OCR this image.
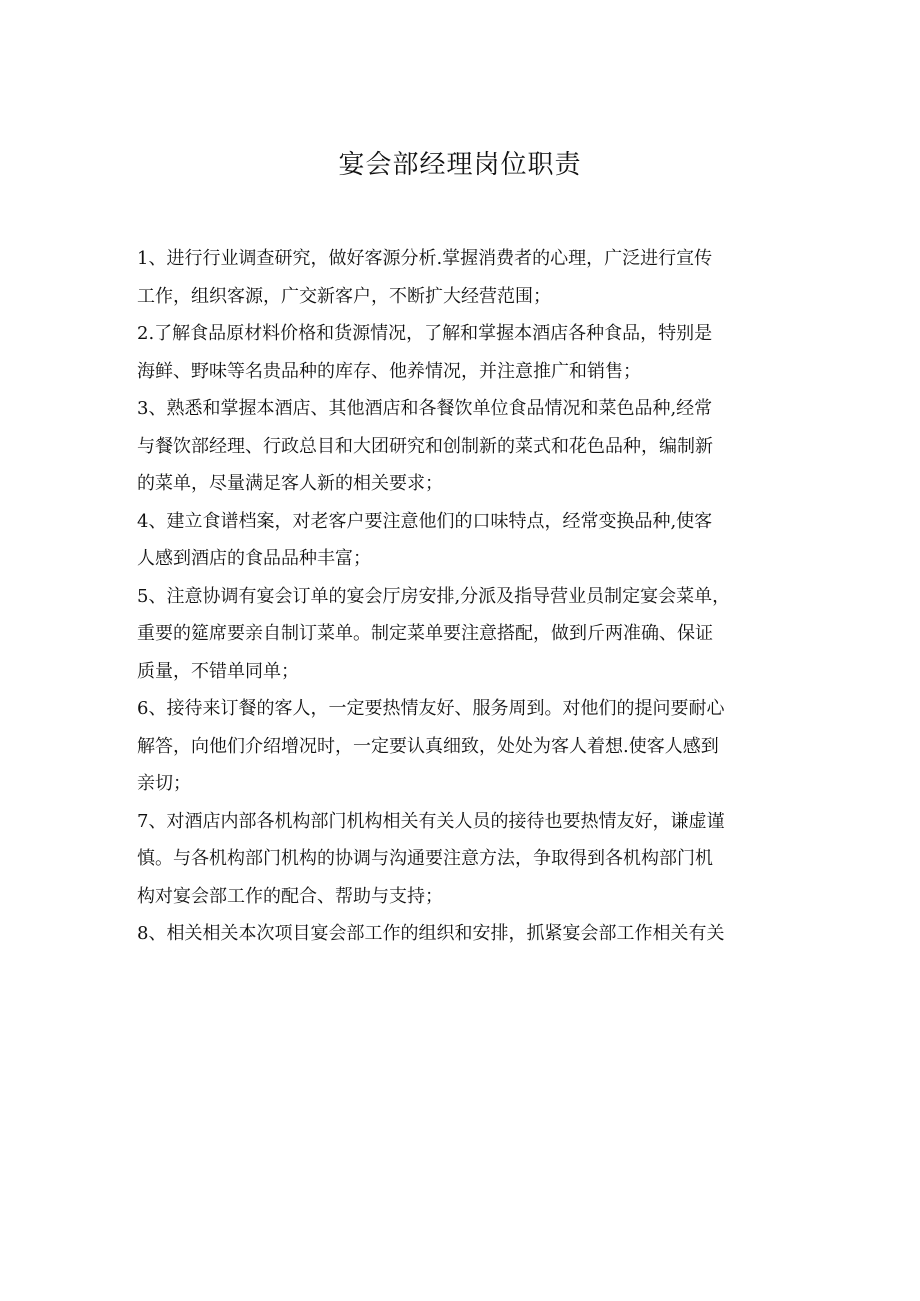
宴会部经理岗位职责
1、进行行业调查研究，做好客源分析.掌握消费者的心理，广泛进行宣传
工作，组织客源，广交新客户，不断扩大经营范围；
2.了解食品原材料价格和货源情况，了解和掌握本酒店各种食品，特别是
海鲜、野味等名贵品种的库存、他养情况，并注意推广和销售；
3、熟悉和掌握本酒店、其他酒店和各餐饮单位食品情况和菜色品种,经常
与餐饮部经理、行政总目和大团研究和创制新的菜式和花色品种，编制新
的菜单，尽量满足客人新的相关要求；
4、建立食谱档案，对老客户要注意他们的口味特点，经常变换品种,使客
人感到酒店的食品品种丰富；
5、注意协调有宴会订单的宴会厅房安排,分派及指导营业员制定宴会菜单，
重要的筵席要亲自制订菜单。制定菜单要注意搭配，做到斤两准确、保证
质量，不错单同单；
6、接待来订餐的客人，一定要热情友好、服务周到。对他们的提问要耐心
解答，向他们介绍增况时，一定要认真细致，处处为客人着想.使客人感到
亲切；
7、对酒店内部各机构部门机构相关有关人员的接待也要热情友好，谦虚谨
慎。与各机构部门机构的协调与沟通要注意方法，争取得到各机构部门机
构对宴会部工作的配合、帮助与支持；
8、相关相关本次项目宴会部工作的组织和安排，抓紧宴会部工作相关有关
